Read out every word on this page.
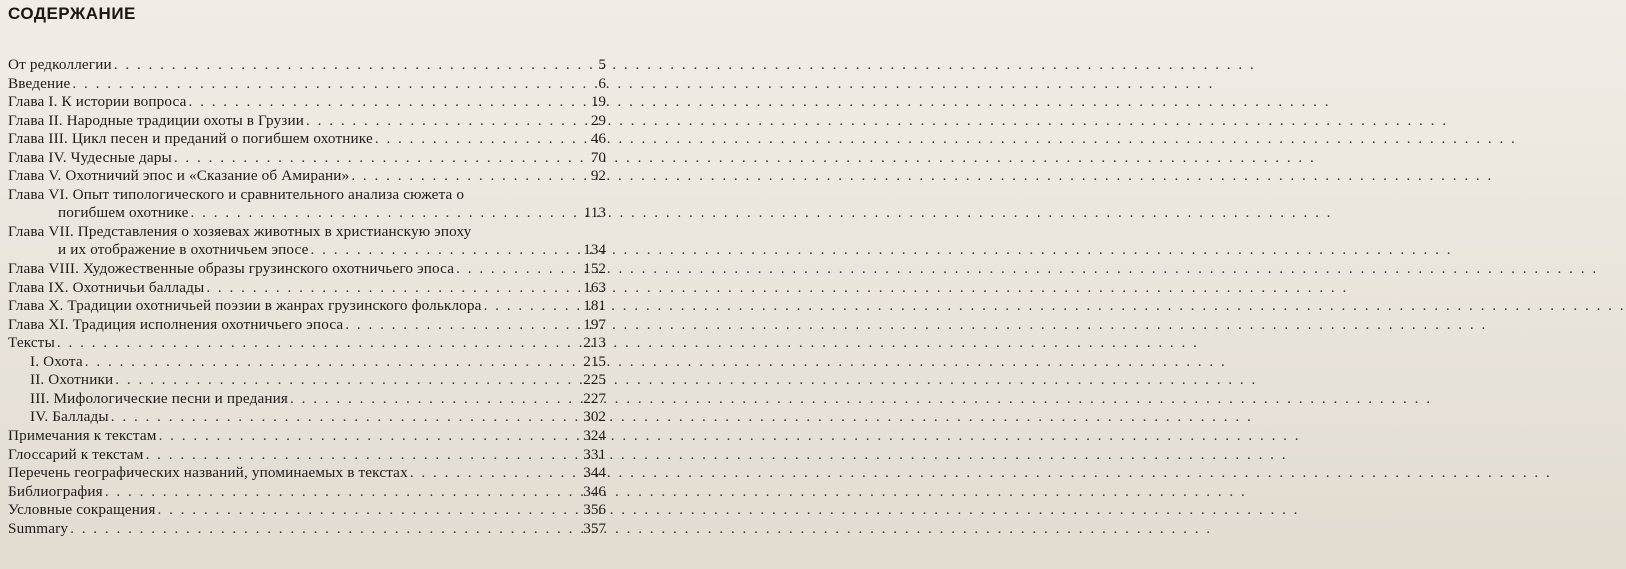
СОДЕРЖАНИЕ
От редколлегии . . .	5
Введение . . .	6
Глава I. К истории вопроса . . .	19
Глава II. Народные традиции охоты в Грузии . . .	29
Глава III. Цикл песен и преданий о погибшем охотнике . . .	46
Глава IV. Чудесные дары . . .	70
Глава V. Охотничий эпос и «Сказание об Амирани» . . .	92
Глава VI. Опыт типологического и сравнительного анализа сюжета о
погибшем охотнике . . .	113
Глава VII. Представления о хозяевах животных в христианскую эпоху
и их отображение в охотничьем эпосе . . .	134
Глава VIII. Художественные образы грузинского охотничьего эпоса . . .	152
Глава IX. Охотничьи баллады . . .	163
Глава X. Традиции охотничьей поэзии в жанрах грузинского фольклора . . .	181
Глава XI. Традиция исполнения охотничьего эпоса . . .	197
Тексты . . .	213
I. Охота . . .	215
II. Охотники . . .	225
III. Мифологические песни и предания . . .	227
IV. Баллады . . .	302
Примечания к текстам . . .	324
Глоссарий к текстам . . .	331
Перечень географических названий, упоминаемых в текстах . . .	344
Библиография . . .	346
Условные сокращения . . .	356
Summary . . .	357
